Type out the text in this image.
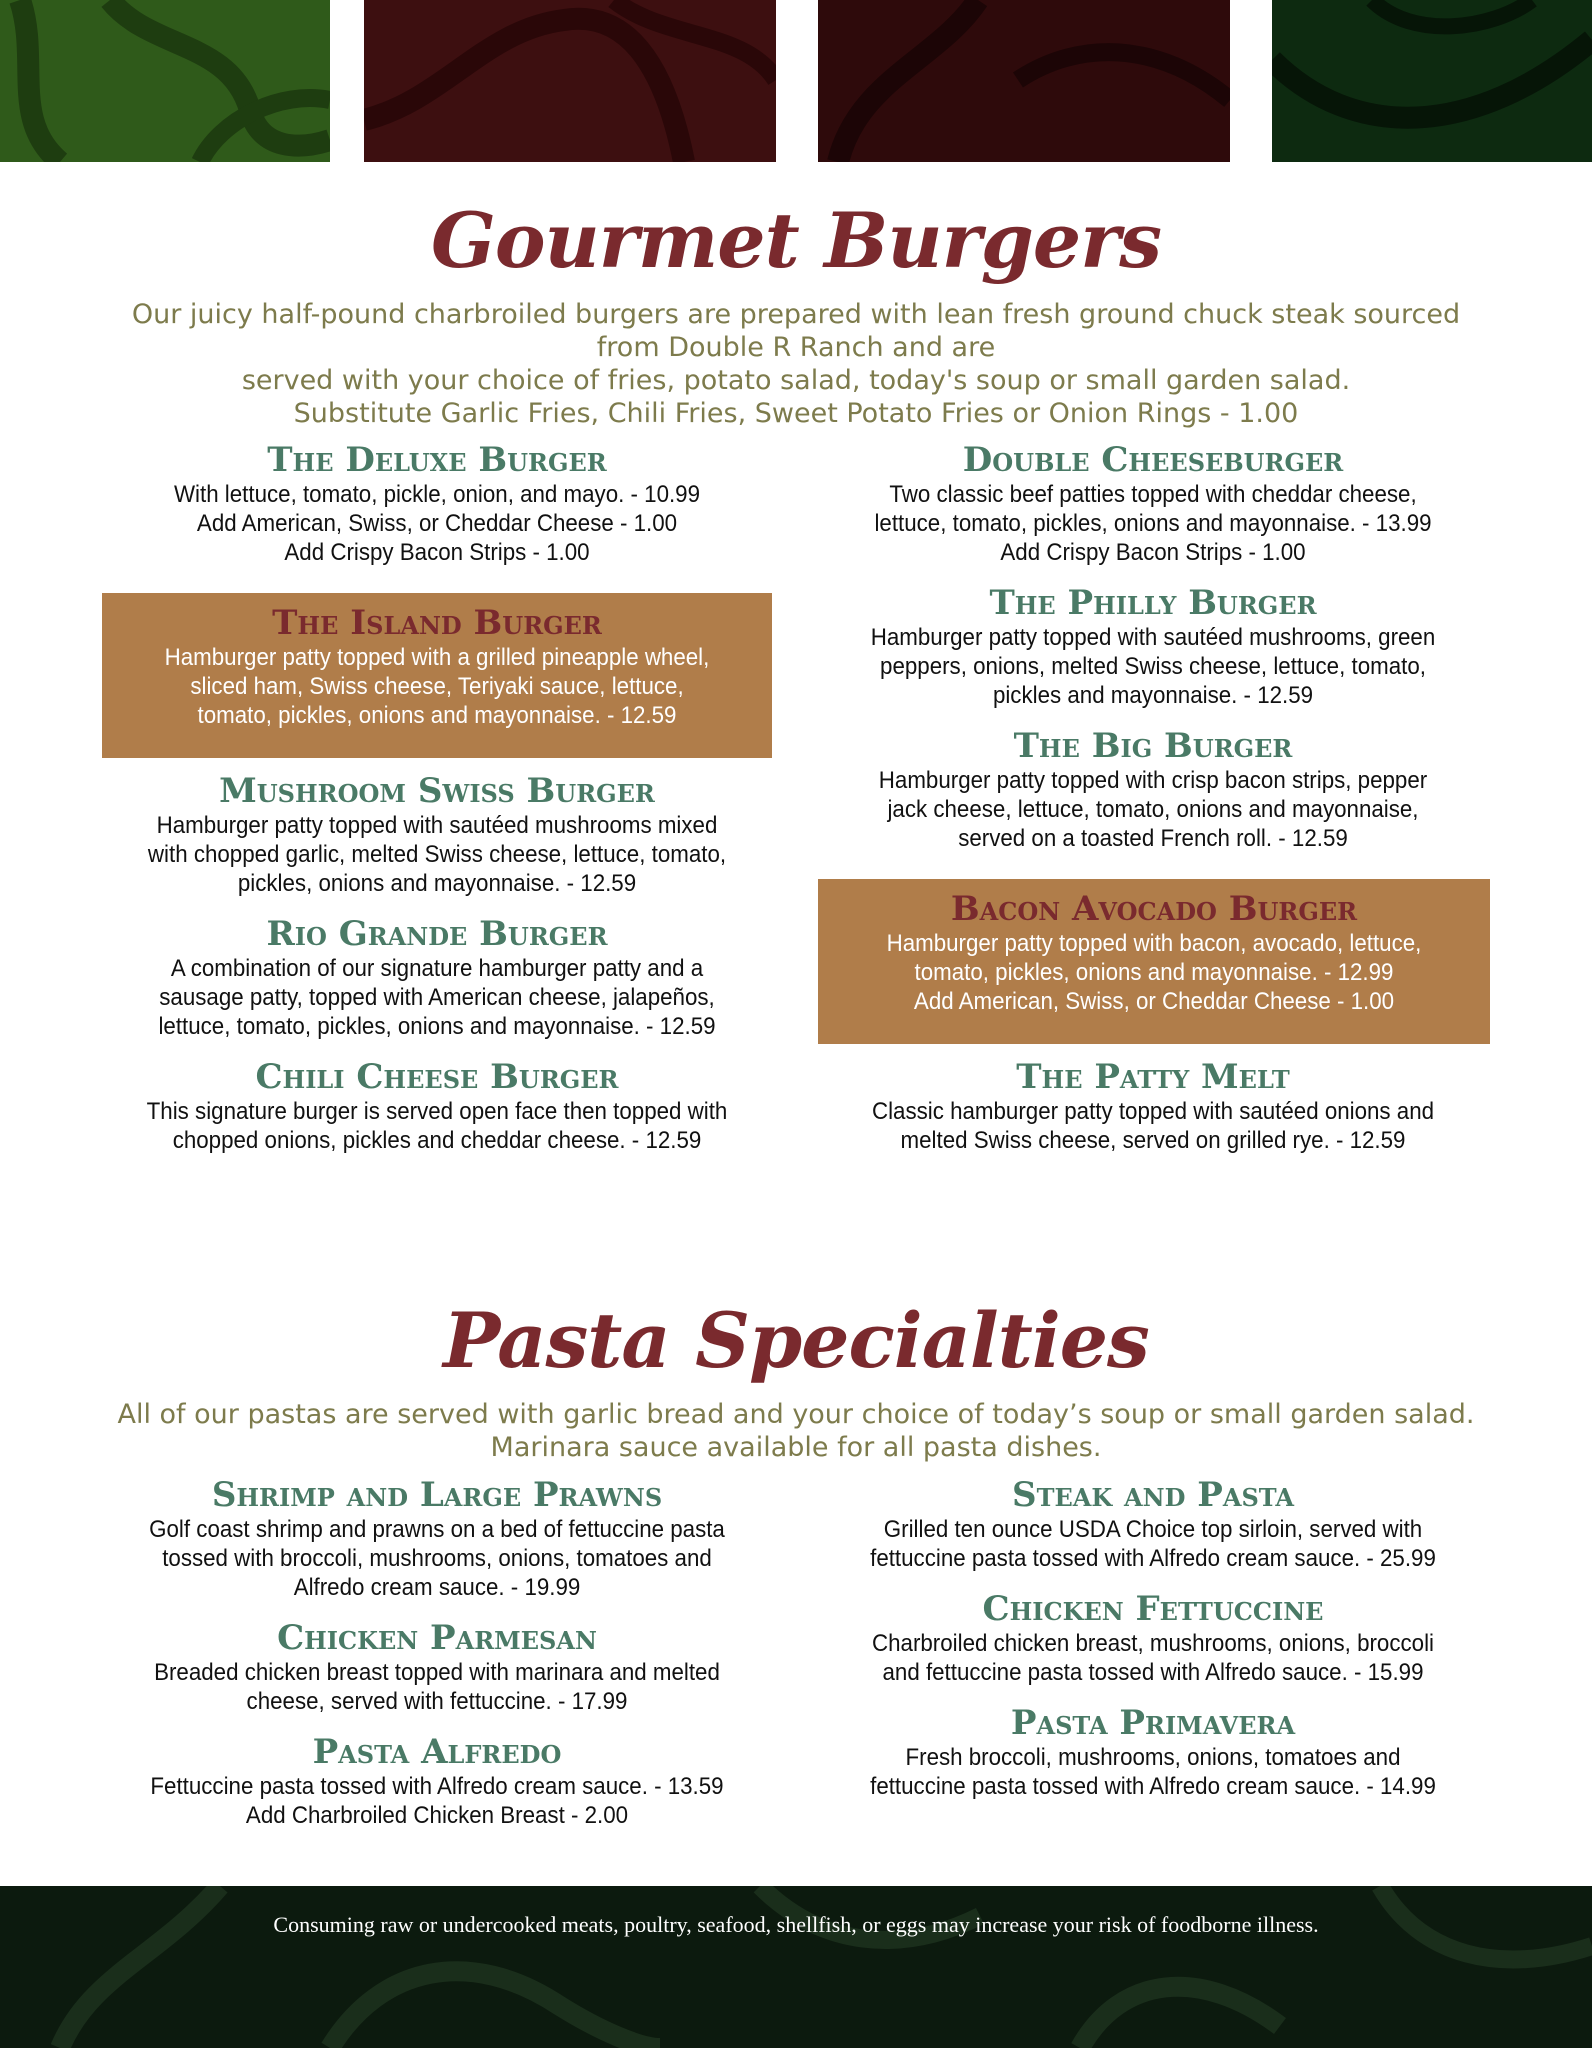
Gourmet Burgers
Our juicy half-pound charbroiled burgers are prepared with lean fresh ground chuck steak sourced
from Double R Ranch and are
served with your choice of fries, potato salad, today's soup or small garden salad.
Substitute Garlic Fries, Chili Fries, Sweet Potato Fries or Onion Rings - 1.00
The Deluxe Burger
With lettuce, tomato, pickle, onion, and mayo. - 10.99
Add American, Swiss, or Cheddar Cheese - 1.00
Add Crispy Bacon Strips - 1.00
The Island Burger
Hamburger patty topped with a grilled pineapple wheel,
sliced ham, Swiss cheese, Teriyaki sauce, lettuce,
tomato, pickles, onions and mayonnaise. - 12.59
Mushroom Swiss Burger
Hamburger patty topped with sautéed mushrooms mixed
with chopped garlic, melted Swiss cheese, lettuce, tomato,
pickles, onions and mayonnaise. - 12.59
Rio Grande Burger
A combination of our signature hamburger patty and a
sausage patty, topped with American cheese, jalapeños,
lettuce, tomato, pickles, onions and mayonnaise. - 12.59
Chili Cheese Burger
This signature burger is served open face then topped with
chopped onions, pickles and cheddar cheese. - 12.59
Double Cheeseburger
Two classic beef patties topped with cheddar cheese,
lettuce, tomato, pickles, onions and mayonnaise. - 13.99
Add Crispy Bacon Strips - 1.00
The Philly Burger
Hamburger patty topped with sautéed mushrooms, green
peppers, onions, melted Swiss cheese, lettuce, tomato,
pickles and mayonnaise. - 12.59
The Big Burger
Hamburger patty topped with crisp bacon strips, pepper
jack cheese, lettuce, tomato, onions and mayonnaise,
served on a toasted French roll. - 12.59
Bacon Avocado Burger
Hamburger patty topped with bacon, avocado, lettuce,
tomato, pickles, onions and mayonnaise. - 12.99
Add American, Swiss, or Cheddar Cheese - 1.00
The Patty Melt
Classic hamburger patty topped with sautéed onions and
melted Swiss cheese, served on grilled rye. - 12.59
Pasta Specialties
All of our pastas are served with garlic bread and your choice of today’s soup or small garden salad.
Marinara sauce available for all pasta dishes.
Shrimp and Large Prawns
Golf coast shrimp and prawns on a bed of fettuccine pasta
tossed with broccoli, mushrooms, onions, tomatoes and
Alfredo cream sauce. - 19.99
Chicken Parmesan
Breaded chicken breast topped with marinara and melted
cheese, served with fettuccine. - 17.99
Pasta Alfredo
Fettuccine pasta tossed with Alfredo cream sauce. - 13.59
Add Charbroiled Chicken Breast - 2.00
Steak and Pasta
Grilled ten ounce USDA Choice top sirloin, served with
fettuccine pasta tossed with Alfredo cream sauce. - 25.99
Chicken Fettuccine
Charbroiled chicken breast, mushrooms, onions, broccoli
and fettuccine pasta tossed with Alfredo sauce. - 15.99
Pasta Primavera
Fresh broccoli, mushrooms, onions, tomatoes and
fettuccine pasta tossed with Alfredo cream sauce. - 14.99
Consuming raw or undercooked meats, poultry, seafood, shellfish, or eggs may increase your risk of foodborne illness.
